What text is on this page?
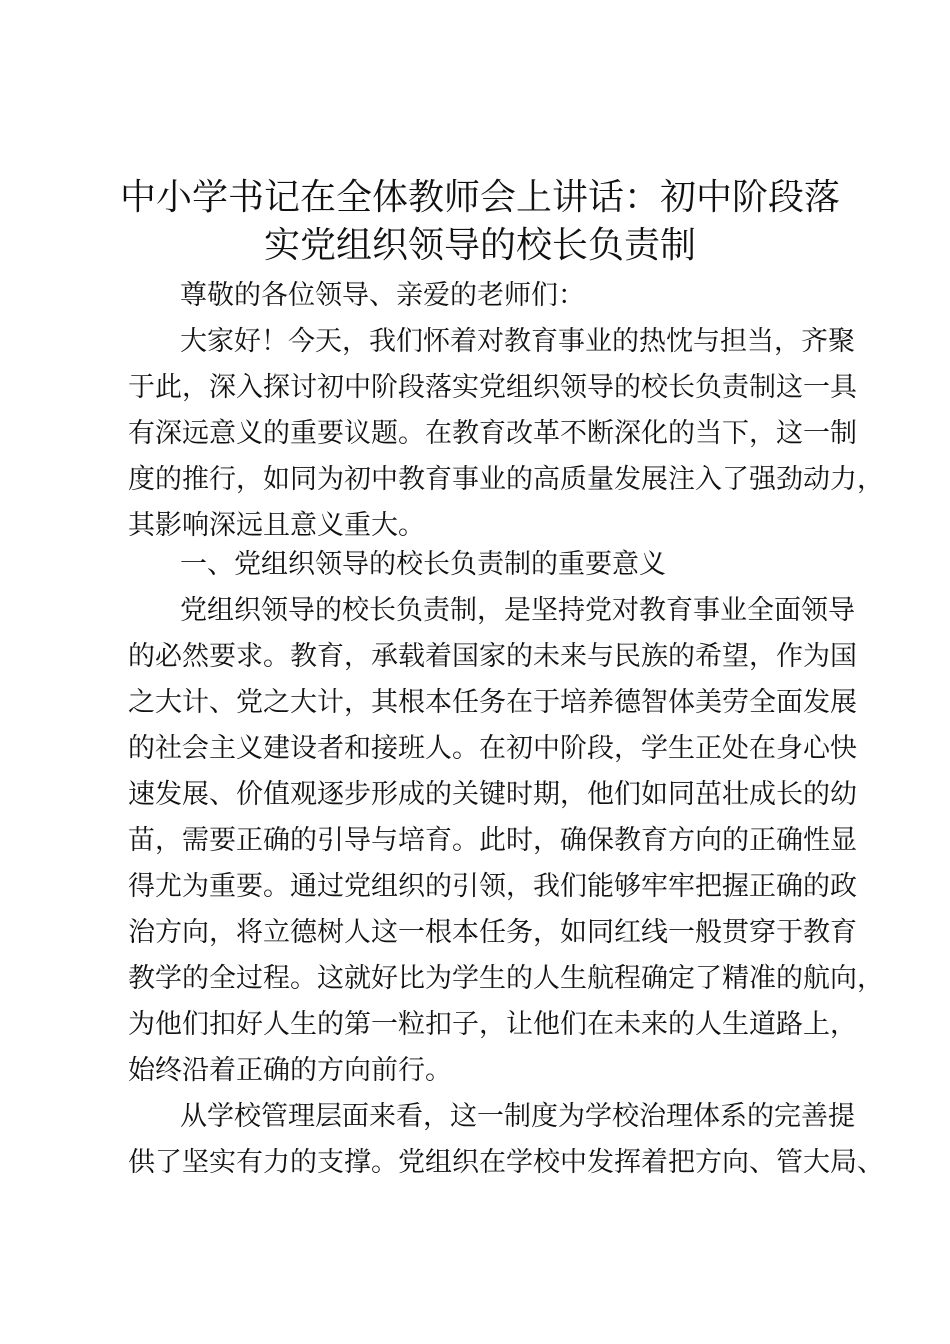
中小学书记在全体教师会上讲话：初中阶段落
实党组织领导的校长负责制

尊敬的各位领导、亲爱的老师们：

大家好！今天，我们怀着对教育事业的热忱与担当，齐聚

于此，深入探讨初中阶段落实党组织领导的校长负责制这一具

有深远意义的重要议题。在教育改革不断深化的当下，这一制

度的推行，如同为初中教育事业的高质量发展注入了强劲动力，

其影响深远且意义重大。

一、党组织领导的校长负责制的重要意义

党组织领导的校长负责制，是坚持党对教育事业全面领导

的必然要求。教育，承载着国家的未来与民族的希望，作为国

之大计、党之大计，其根本任务在于培养德智体美劳全面发展

的社会主义建设者和接班人。在初中阶段，学生正处在身心快

速发展、价值观逐步形成的关键时期，他们如同茁壮成长的幼

苗，需要正确的引导与培育。此时，确保教育方向的正确性显

得尤为重要。通过党组织的引领，我们能够牢牢把握正确的政

治方向，将立德树人这一根本任务，如同红线一般贯穿于教育

教学的全过程。这就好比为学生的人生航程确定了精准的航向，

为他们扣好人生的第一粒扣子，让他们在未来的人生道路上，

始终沿着正确的方向前行。

从学校管理层面来看，这一制度为学校治理体系的完善提

供了坚实有力的支撑。党组织在学校中发挥着把方向、管大局、
